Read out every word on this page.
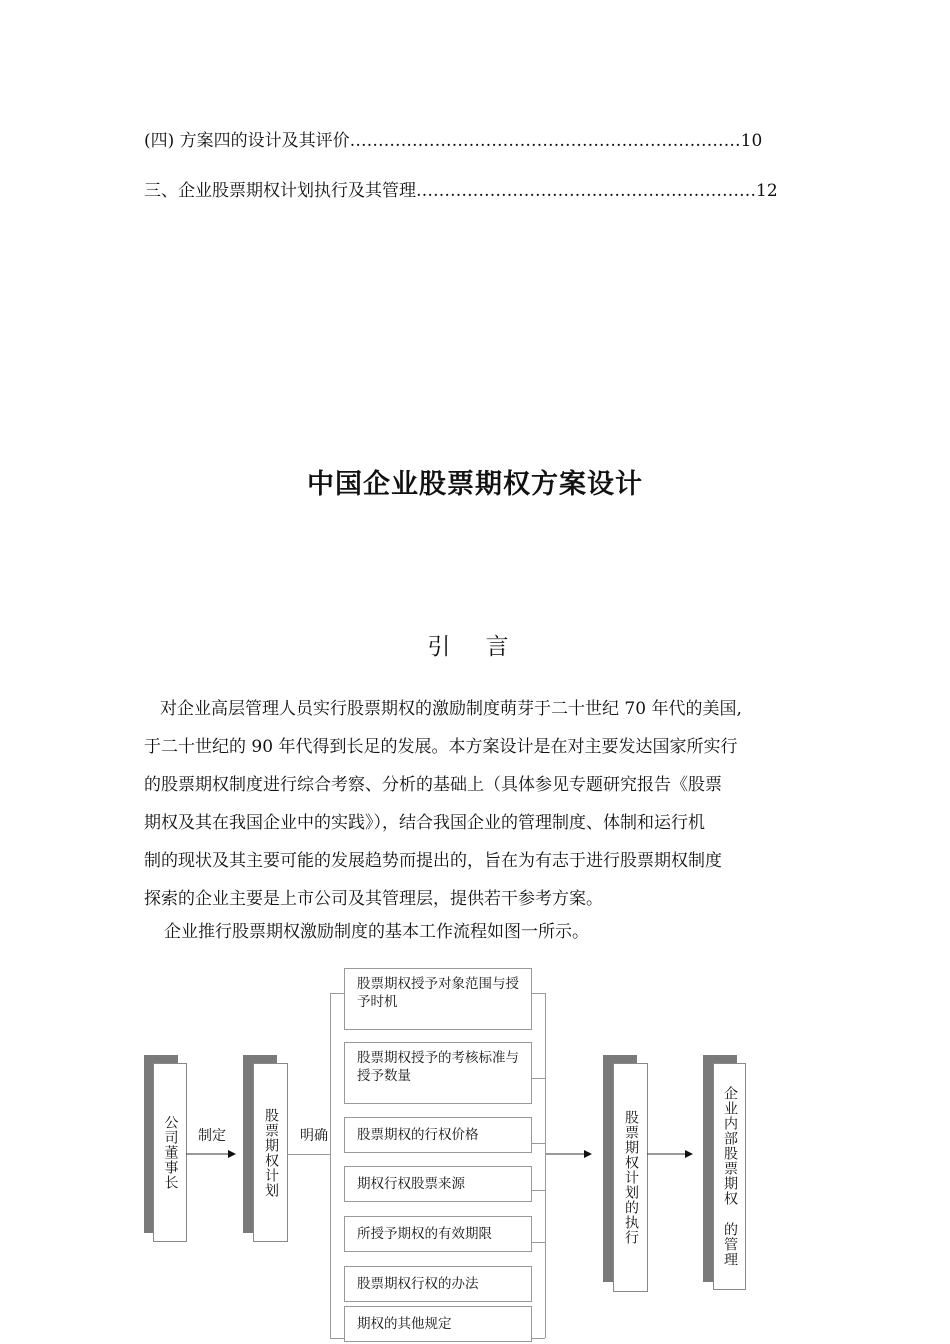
(四) 方案四的设计及其评价 …………………………………………………………… 10
三、企业股票期权计划执行及其管理 …………………………………………………… 12
中国企业股票期权方案设计
引 言
对企业高层管理人员实行股票期权的激励制度萌芽于二十世纪 70 年代的美国,
于二十世纪的 90 年代得到长足的发展。本方案设计是在对主要发达国家所实行
的股票期权制度进行综合考察、分析的基础上（具体参见专题研究报告《股票
期权及其在我国企业中的实践》），结合我国企业的管理制度、体制和运行机
制的现状及其主要可能的发展趋势而提出的，旨在为有志于进行股票期权制度
探索的企业主要是上市公司及其管理层，提供若干参考方案。
企业推行股票期权激励制度的基本工作流程如图一所示。
公司董事长 制定	股票期权计划 明确
股票期权授予对象范围与授予时机
股票期权授予的考核标准与授予数量
股票期权的行权价格
期权行权股票来源
所授予期权的有效期限
股票期权行权的办法
期权的其他规定
股票期权计划的执行	企业内部股票期权
的管理
